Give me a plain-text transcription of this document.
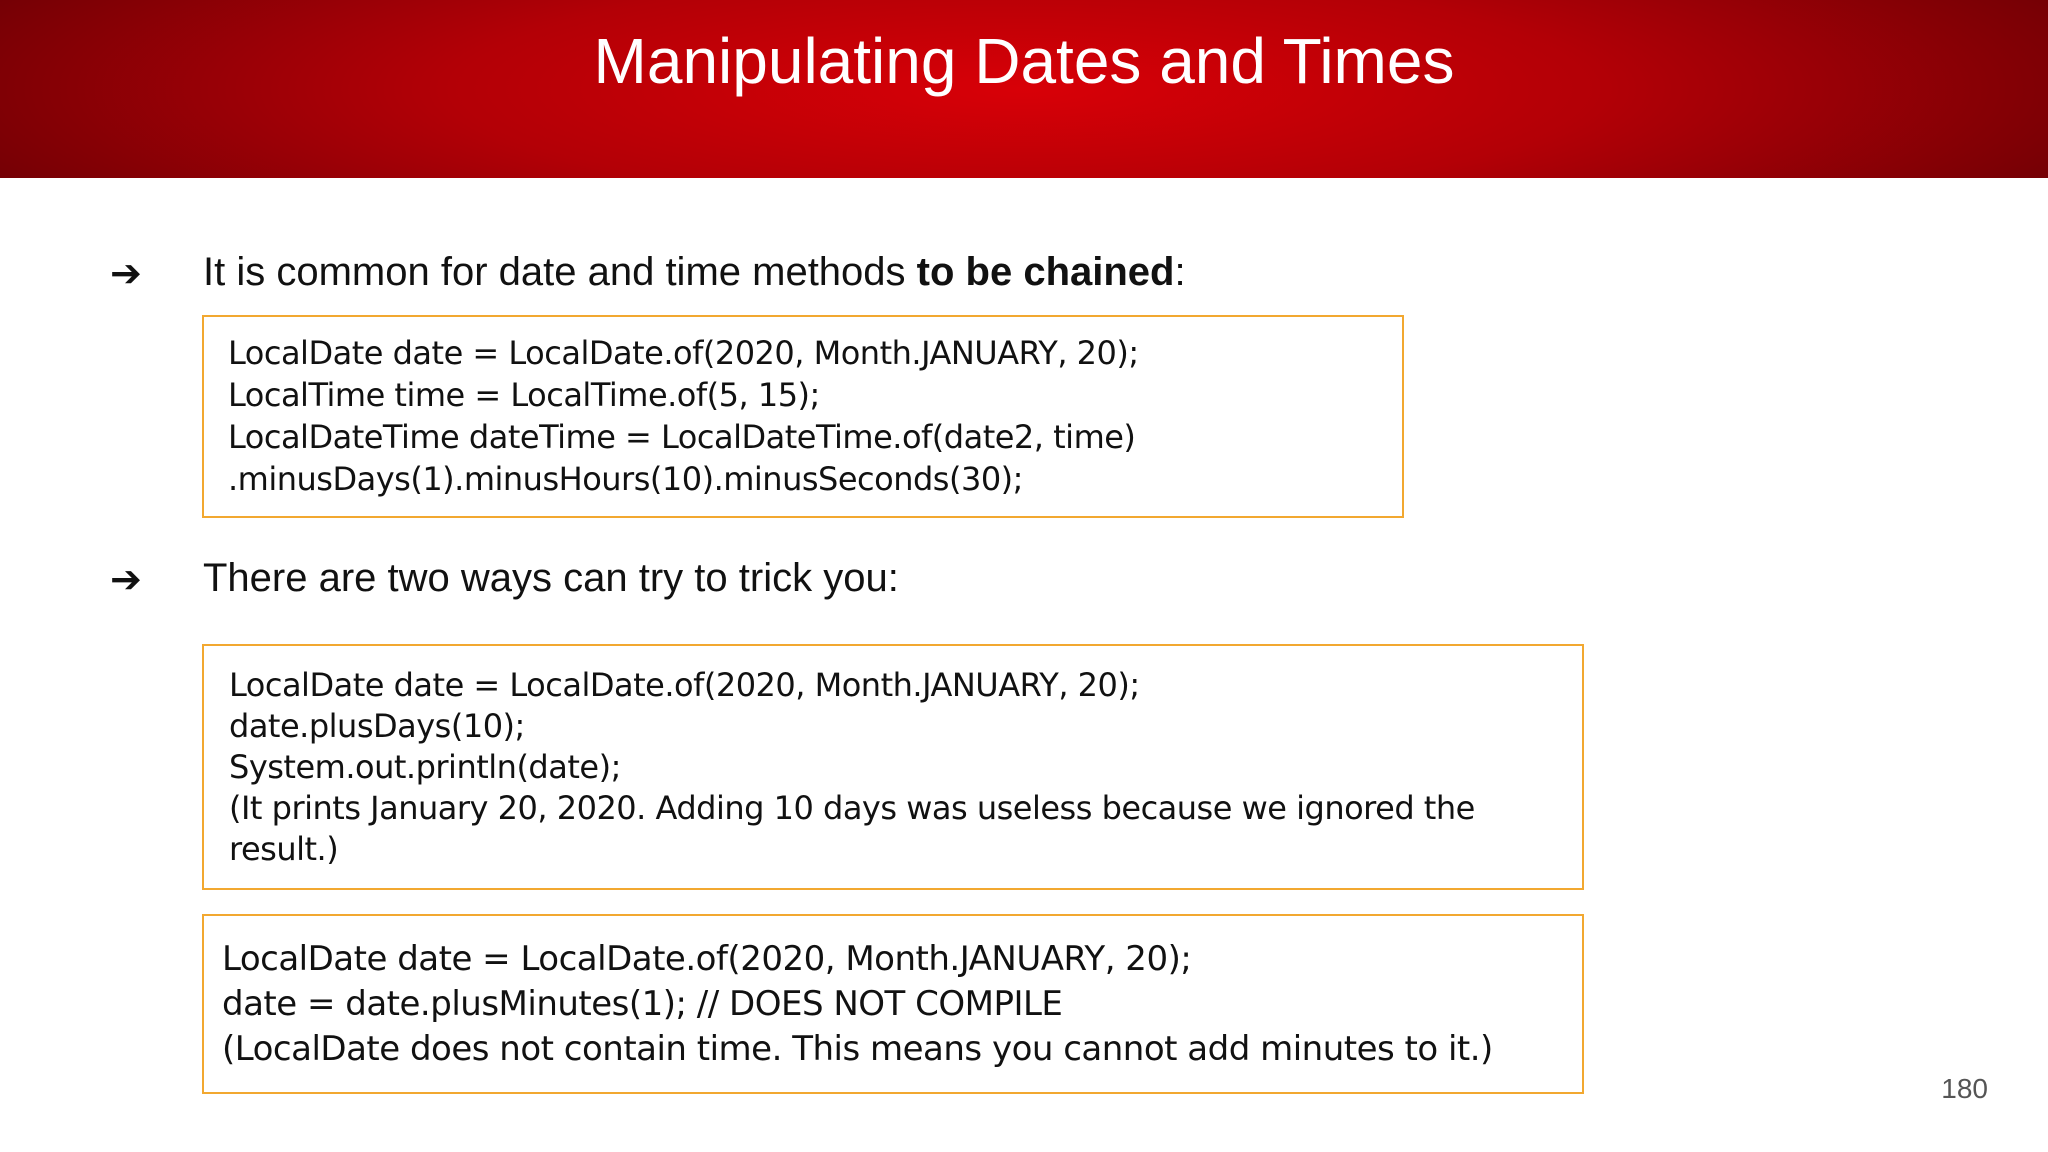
Manipulating Dates and Times
➔ It is common for date and time methods to be chained:
LocalDate date = LocalDate.of(2020, Month.JANUARY, 20);
LocalTime time = LocalTime.of(5, 15);
LocalDateTime dateTime = LocalDateTime.of(date2, time)
.minusDays(1).minusHours(10).minusSeconds(30);
➔ There are two ways can try to trick you:
LocalDate date = LocalDate.of(2020, Month.JANUARY, 20);
date.plusDays(10);
System.out.println(date);
(It prints January 20, 2020. Adding 10 days was useless because we ignored the
result.)
LocalDate date = LocalDate.of(2020, Month.JANUARY, 20);
date = date.plusMinutes(1); // DOES NOT COMPILE
(LocalDate does not contain time. This means you cannot add minutes to it.)
180
